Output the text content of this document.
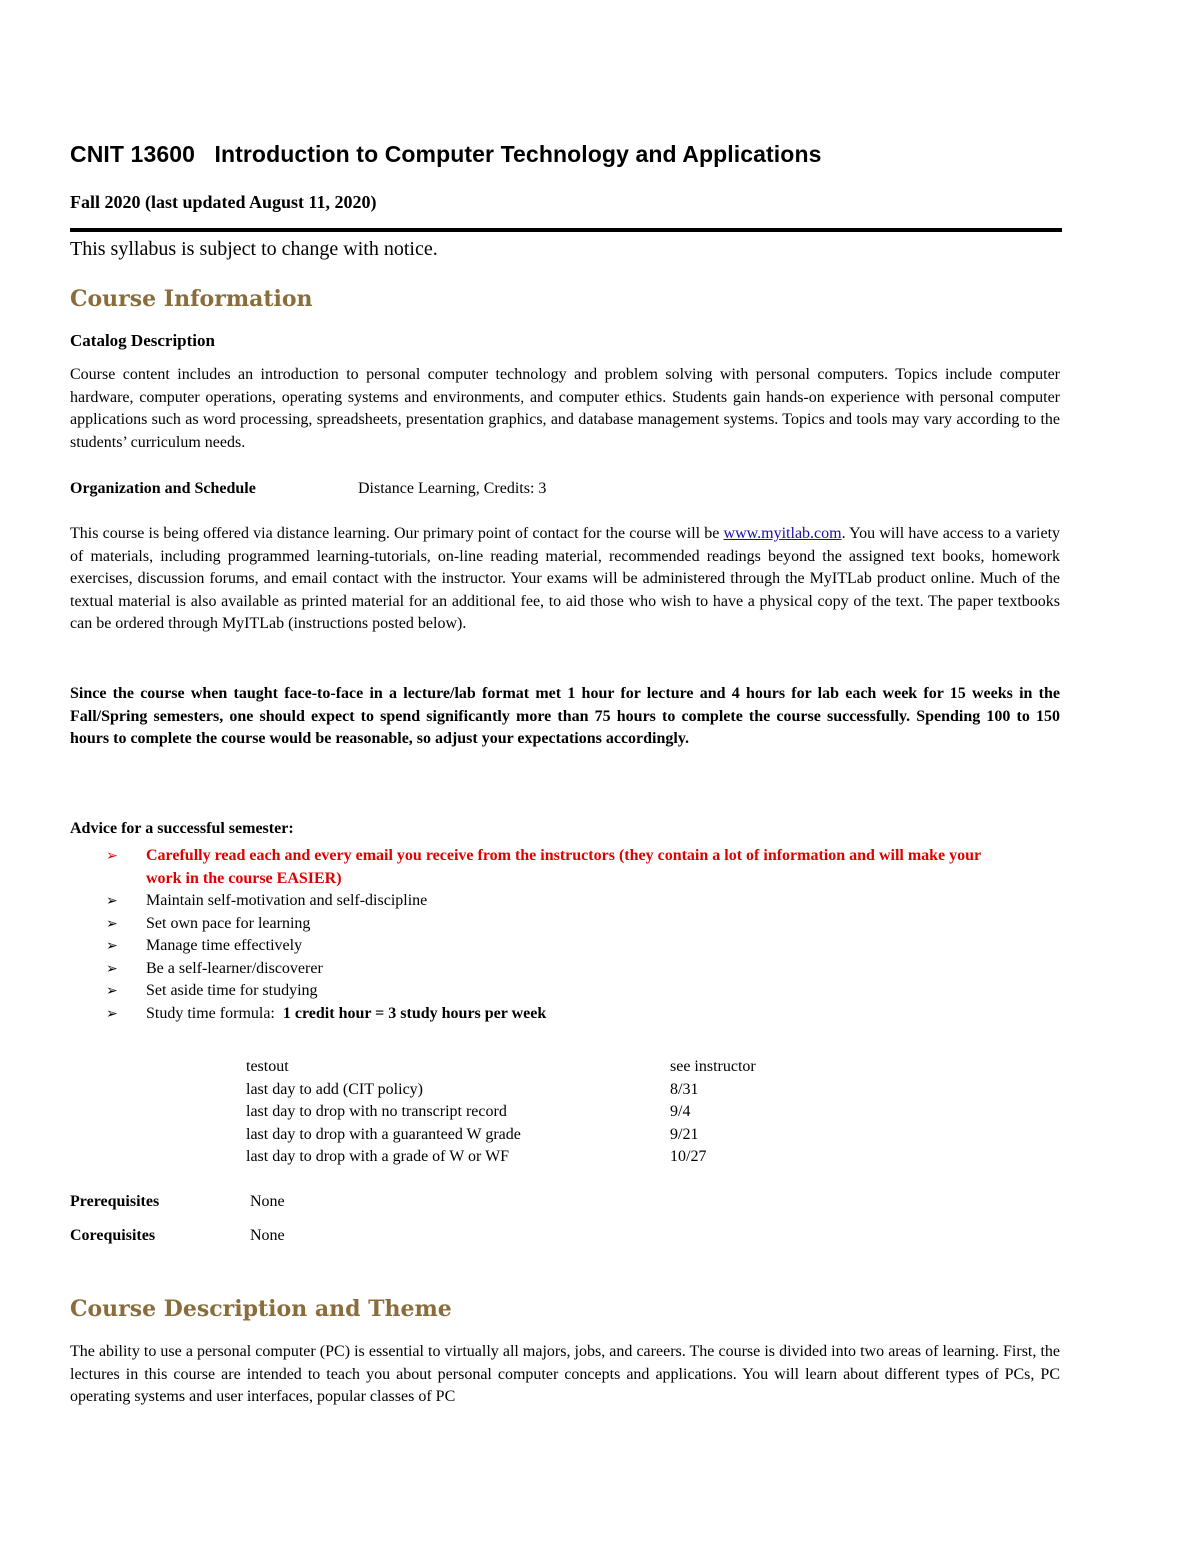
CNIT 13600   Introduction to Computer Technology and Applications

Fall 2020 (last updated August 11, 2020)

This syllabus is subject to change with notice.

Course Information
Catalog Description

Course content includes an introduction to personal computer technology and problem solving with personal computers. Topics include computer hardware, computer operations, operating systems and environments, and computer ethics. Students gain hands-on experience with personal computer applications such as word processing, spreadsheets, presentation graphics, and database management systems. Topics and tools may vary according to the students’ curriculum needs.

Organization and Schedule	Distance Learning, Credits: 3

This course is being offered via distance learning. Our primary point of contact for the course will be www.myitlab.com. You will have access to a variety of materials, including programmed learning-tutorials, on-line reading material, recommended readings beyond the assigned text books, homework exercises, discussion forums, and email contact with the instructor. Your exams will be administered through the MyITLab product online. Much of the textual material is also available as printed material for an additional fee, to aid those who wish to have a physical copy of the text. The paper textbooks can be ordered through MyITLab (instructions posted below).

Since the course when taught face-to-face in a lecture/lab format met 1 hour for lecture and 4 hours for lab each week for 15 weeks in the Fall/Spring semesters, one should expect to spend significantly more than 75 hours to complete the course successfully. Spending 100 to 150 hours to complete the course would be reasonable, so adjust your expectations accordingly.

Advice for a successful semester:

➢ Carefully read each and every email you receive from the instructors (they contain a lot of information and will make your work in the course EASIER)
➢ Maintain self-motivation and self-discipline
➢ Set own pace for learning
➢ Manage time effectively
➢ Be a self-learner/discoverer
➢ Set aside time for studying
➢ Study time formula:  1 credit hour = 3 study hours per week
testout	see instructor
last day to add (CIT policy)	8/31
last day to drop with no transcript record	9/4
last day to drop with a guaranteed W grade	9/21
last day to drop with a grade of W or WF	10/27
Prerequisites	None
Corequisites	None
Course Description and Theme

The ability to use a personal computer (PC) is essential to virtually all majors, jobs, and careers. The course is divided into two areas of learning. First, the lectures in this course are intended to teach you about personal computer concepts and applications. You will learn about different types of PCs, PC operating systems and user interfaces, popular classes of PC
